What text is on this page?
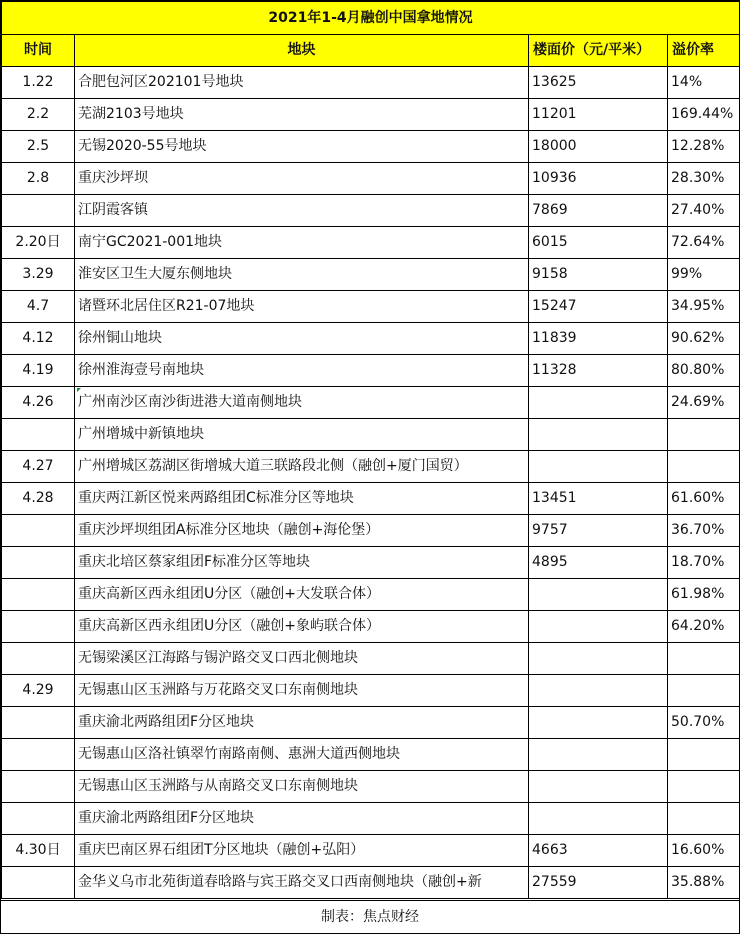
2021年1-4月融创中国拿地情况			
时间	地块	楼面价（元/平米）	溢价率
1.22	合肥包河区202101号地块	13625	14%
2.2	芜湖2103号地块	11201	169.44%
2.5	无锡2020-55号地块	18000	12.28%
2.8	重庆沙坪坝	10936	28.30%
	江阴霞客镇	7869	27.40%
2.20日	南宁GC2021-001地块	6015	72.64%
3.29	淮安区卫生大厦东侧地块	9158	99%
4.7	诸暨环北居住区R21-07地块	15247	34.95%
4.12	徐州铜山地块	11839	90.62%
4.19	徐州淮海壹号南地块	11328	80.80%
4.26	广州南沙区南沙街进港大道南侧地块		24.69%
	广州增城中新镇地块		
4.27	广州增城区荔湖区街增城大道三联路段北侧（融创+厦门国贸）		
4.28	重庆两江新区悦来两路组团C标准分区等地块	13451	61.60%
	重庆沙坪坝组团A标准分区地块（融创+海伦堡）	9757	36.70%
	重庆北培区蔡家组团F标准分区等地块	4895	18.70%
	重庆高新区西永组团U分区（融创+大发联合体）		61.98%
	重庆高新区西永组团U分区（融创+象屿联合体）		64.20%
	无锡梁溪区江海路与锡沪路交叉口西北侧地块		
4.29	无锡惠山区玉洲路与万花路交叉口东南侧地块		
	重庆渝北两路组团F分区地块		50.70%
	无锡惠山区洛社镇翠竹南路南侧、惠洲大道西侧地块		
	无锡惠山区玉洲路与从南路交叉口东南侧地块		
	重庆渝北两路组团F分区地块		
4.30日	重庆巴南区界石组团T分区地块（融创+弘阳）	4663	16.60%
	金华义乌市北苑街道春晗路与宾王路交叉口西南侧地块（融创+新	27559	35.88%
制表：焦点财经
